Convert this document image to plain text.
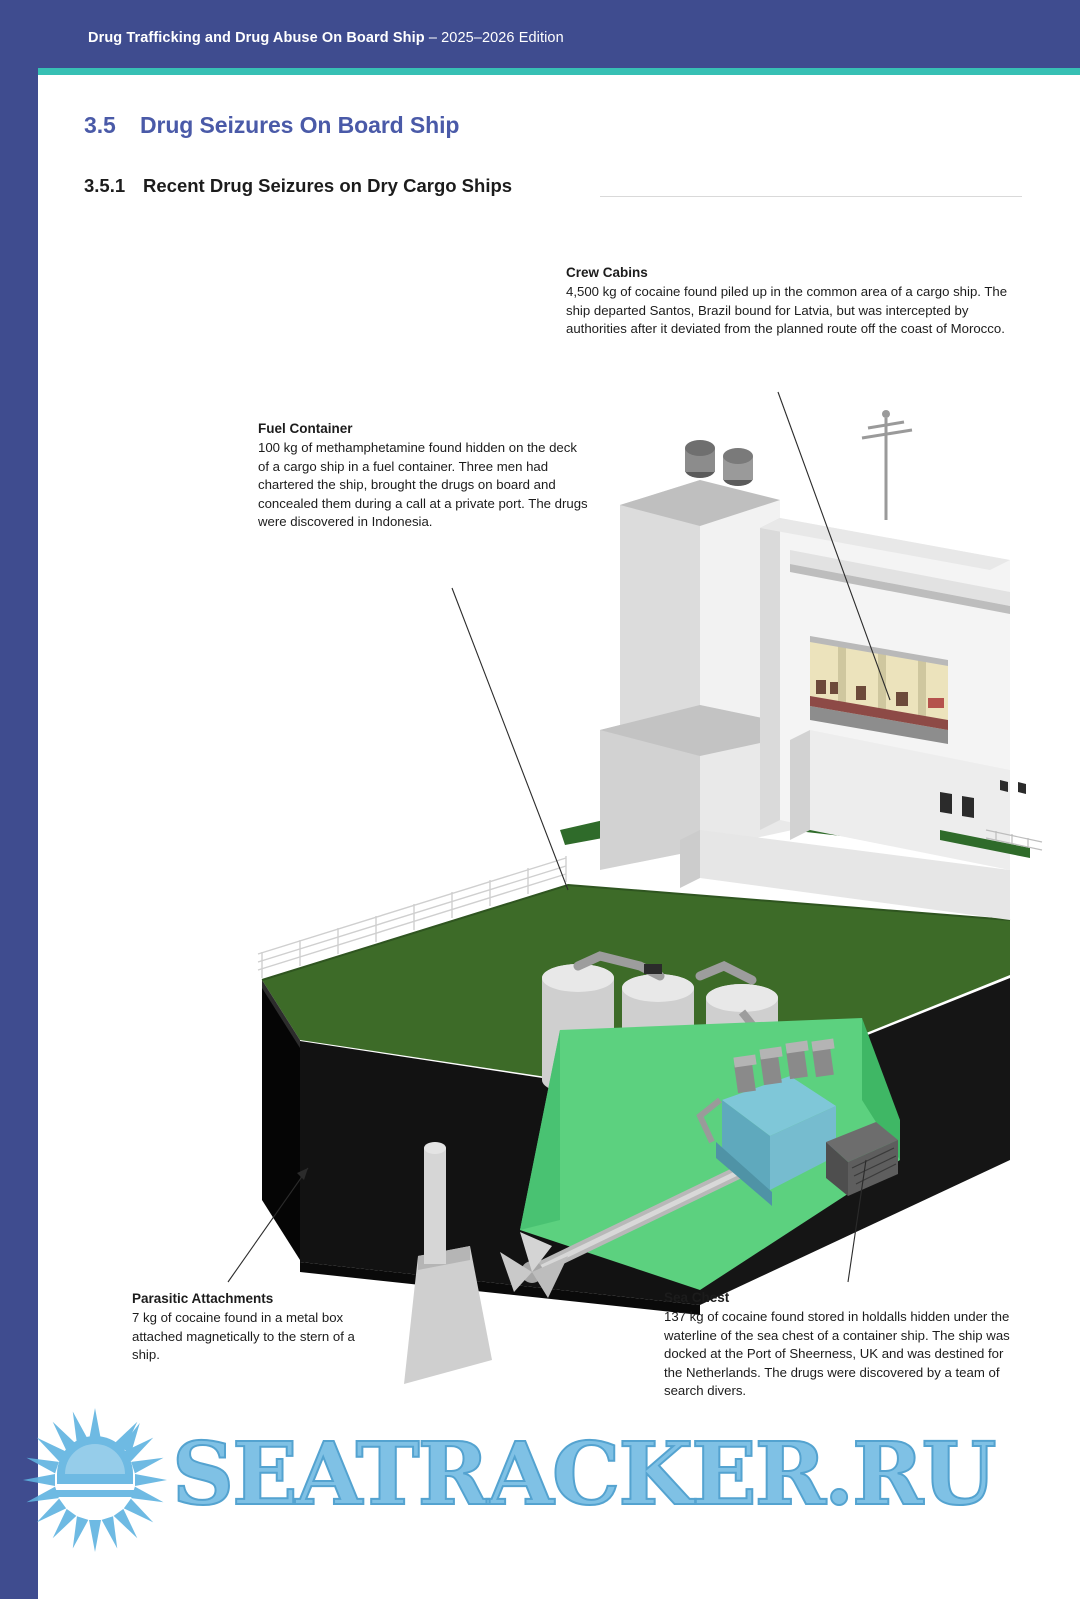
Drug Trafficking and Drug Abuse On Board Ship – 2025–2026 Edition
3.5 Drug Seizures On Board Ship
3.5.1 Recent Drug Seizures on Dry Cargo Ships
Crew Cabins
4,500 kg of cocaine found piled up in the common area of a cargo ship. The ship departed Santos, Brazil bound for Latvia, but was intercepted by authorities after it deviated from the planned route off the coast of Morocco.
Fuel Container
100 kg of methamphetamine found hidden on the deck of a cargo ship in a fuel container. Three men had chartered the ship, brought the drugs on board and concealed them during a call at a private port. The drugs were discovered in Indonesia.
Parasitic Attachments
7 kg of cocaine found in a metal box attached magnetically to the stern of a ship.
Sea Chest
137 kg of cocaine found stored in holdalls hidden under the waterline of the sea chest of a container ship. The ship was docked at the Port of Sheerness, UK and was destined for the Netherlands. The drugs were discovered by a team of search divers.
46 SEATRACKER.RU
